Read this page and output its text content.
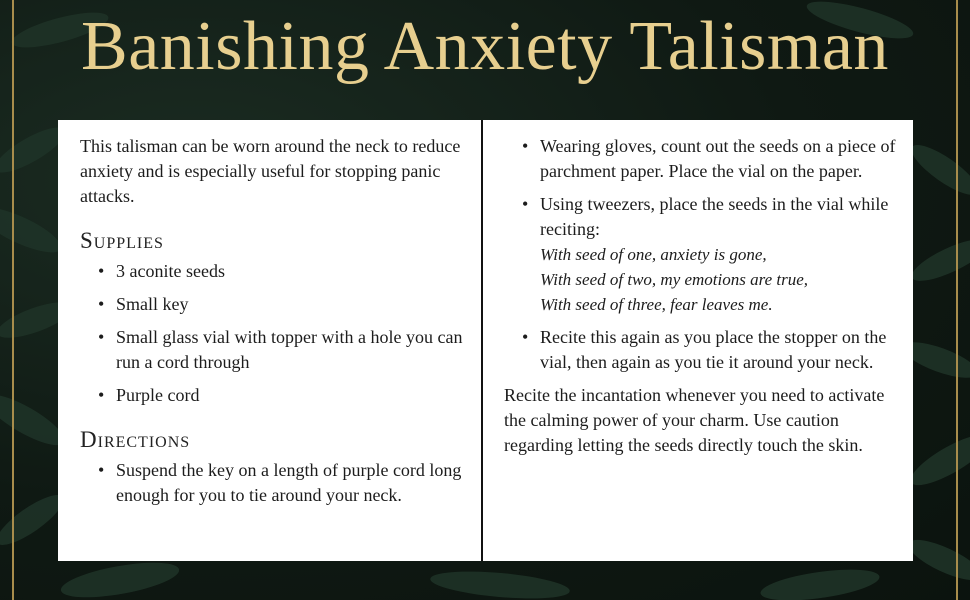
Banishing Anxiety Talisman

This talisman can be worn around the neck to reduce anxiety and is especially useful for stopping panic attacks.

Supplies
• 3 aconite seeds
• Small key
• Small glass vial with topper with a hole you can run a cord through
• Purple cord
Directions
• Suspend the key on a length of purple cord long enough for you to tie around your neck.
• Wearing gloves, count out the seeds on a piece of parchment paper. Place the vial on the paper.
• Using tweezers, place the seeds in the vial while reciting:
With seed of one, anxiety is gone,
With seed of two, my emotions are true,
With seed of three, fear leaves me.
• Recite this again as you place the stopper on the vial, then again as you tie it around your neck.

Recite the incantation whenever you need to activate the calming power of your charm. Use caution regarding letting the seeds directly touch the skin.
